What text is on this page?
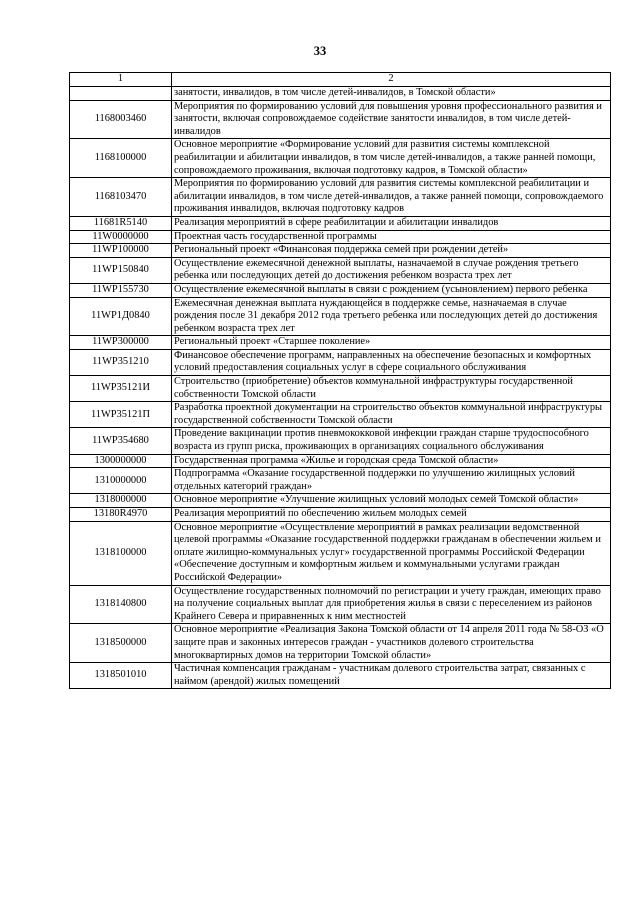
33
1	2
	занятости, инвалидов, в том числе детей-инвалидов, в Томской области»
1168003460	Мероприятия по формированию условий для повышения уровня профессионального развития и занятости, включая сопровождаемое содействие занятости инвалидов, в том числе детей-инвалидов
1168100000	Основное мероприятие «Формирование условий для развития системы комплексной реабилитации и абилитации инвалидов, в том числе детей-инвалидов, а также ранней помощи, сопровождаемого проживания, включая подготовку кадров, в Томской области»
1168103470	Мероприятия по формированию условий для развития системы комплексной реабилитации и абилитации инвалидов, в том числе детей-инвалидов, а также ранней помощи, сопровождаемого проживания инвалидов, включая подготовку кадров
11681R5140	Реализация мероприятий в сфере реабилитации и абилитации инвалидов
11W0000000	Проектная часть государственной программы
11WP100000	Региональный проект «Финансовая поддержка семей при рождении детей»
11WP150840	Осуществление ежемесячной денежной выплаты, назначаемой в случае рождения третьего ребенка или последующих детей до достижения ребенком возраста трех лет
11WP155730	Осуществление ежемесячной выплаты в связи с рождением (усыновлением) первого ребенка
11WP1Д0840	Ежемесячная денежная выплата нуждающейся в поддержке семье, назначаемая в случае рождения после 31 декабря 2012 года третьего ребенка или последующих детей до достижения ребенком возраста трех лет
11WP300000	Региональный проект «Старшее поколение»
11WP351210	Финансовое обеспечение программ, направленных на обеспечение безопасных и комфортных условий предоставления социальных услуг в сфере социального обслуживания
11WP35121И	Строительство (приобретение) объектов коммунальной инфраструктуры государственной собственности Томской области
11WP35121П	Разработка проектной документации на строительство объектов коммунальной инфраструктуры государственной собственности Томской области
11WP354680	Проведение вакцинации против пневмококковой инфекции граждан старше трудоспособного возраста из групп риска, проживающих в организациях социального обслуживания
1300000000	Государственная программа «Жилье и городская среда Томской области»
1310000000	Подпрограмма «Оказание государственной поддержки по улучшению жилищных условий отдельных категорий граждан»
1318000000	Основное мероприятие «Улучшение жилищных условий молодых семей Томской области»
13180R4970	Реализация мероприятий по обеспечению жильем молодых семей
1318100000	Основное мероприятие «Осуществление мероприятий в рамках реализации ведомственной целевой программы «Оказание государственной поддержки гражданам в обеспечении жильем и оплате жилищно-коммунальных услуг» государственной программы Российской Федерации «Обеспечение доступным и комфортным жильем и коммунальными услугами граждан Российской Федерации»
1318140800	Осуществление государственных полномочий по регистрации и учету граждан, имеющих право на получение социальных выплат для приобретения жилья в связи с переселением из районов Крайнего Севера и приравненных к ним местностей
1318500000	Основное мероприятие «Реализация Закона Томской области от 14 апреля 2011 года № 58-ОЗ «О защите прав и законных интересов граждан - участников долевого строительства многоквартирных домов на территории Томской области»
1318501010	Частичная компенсация гражданам - участникам долевого строительства затрат, связанных с наймом (арендой) жилых помещений
